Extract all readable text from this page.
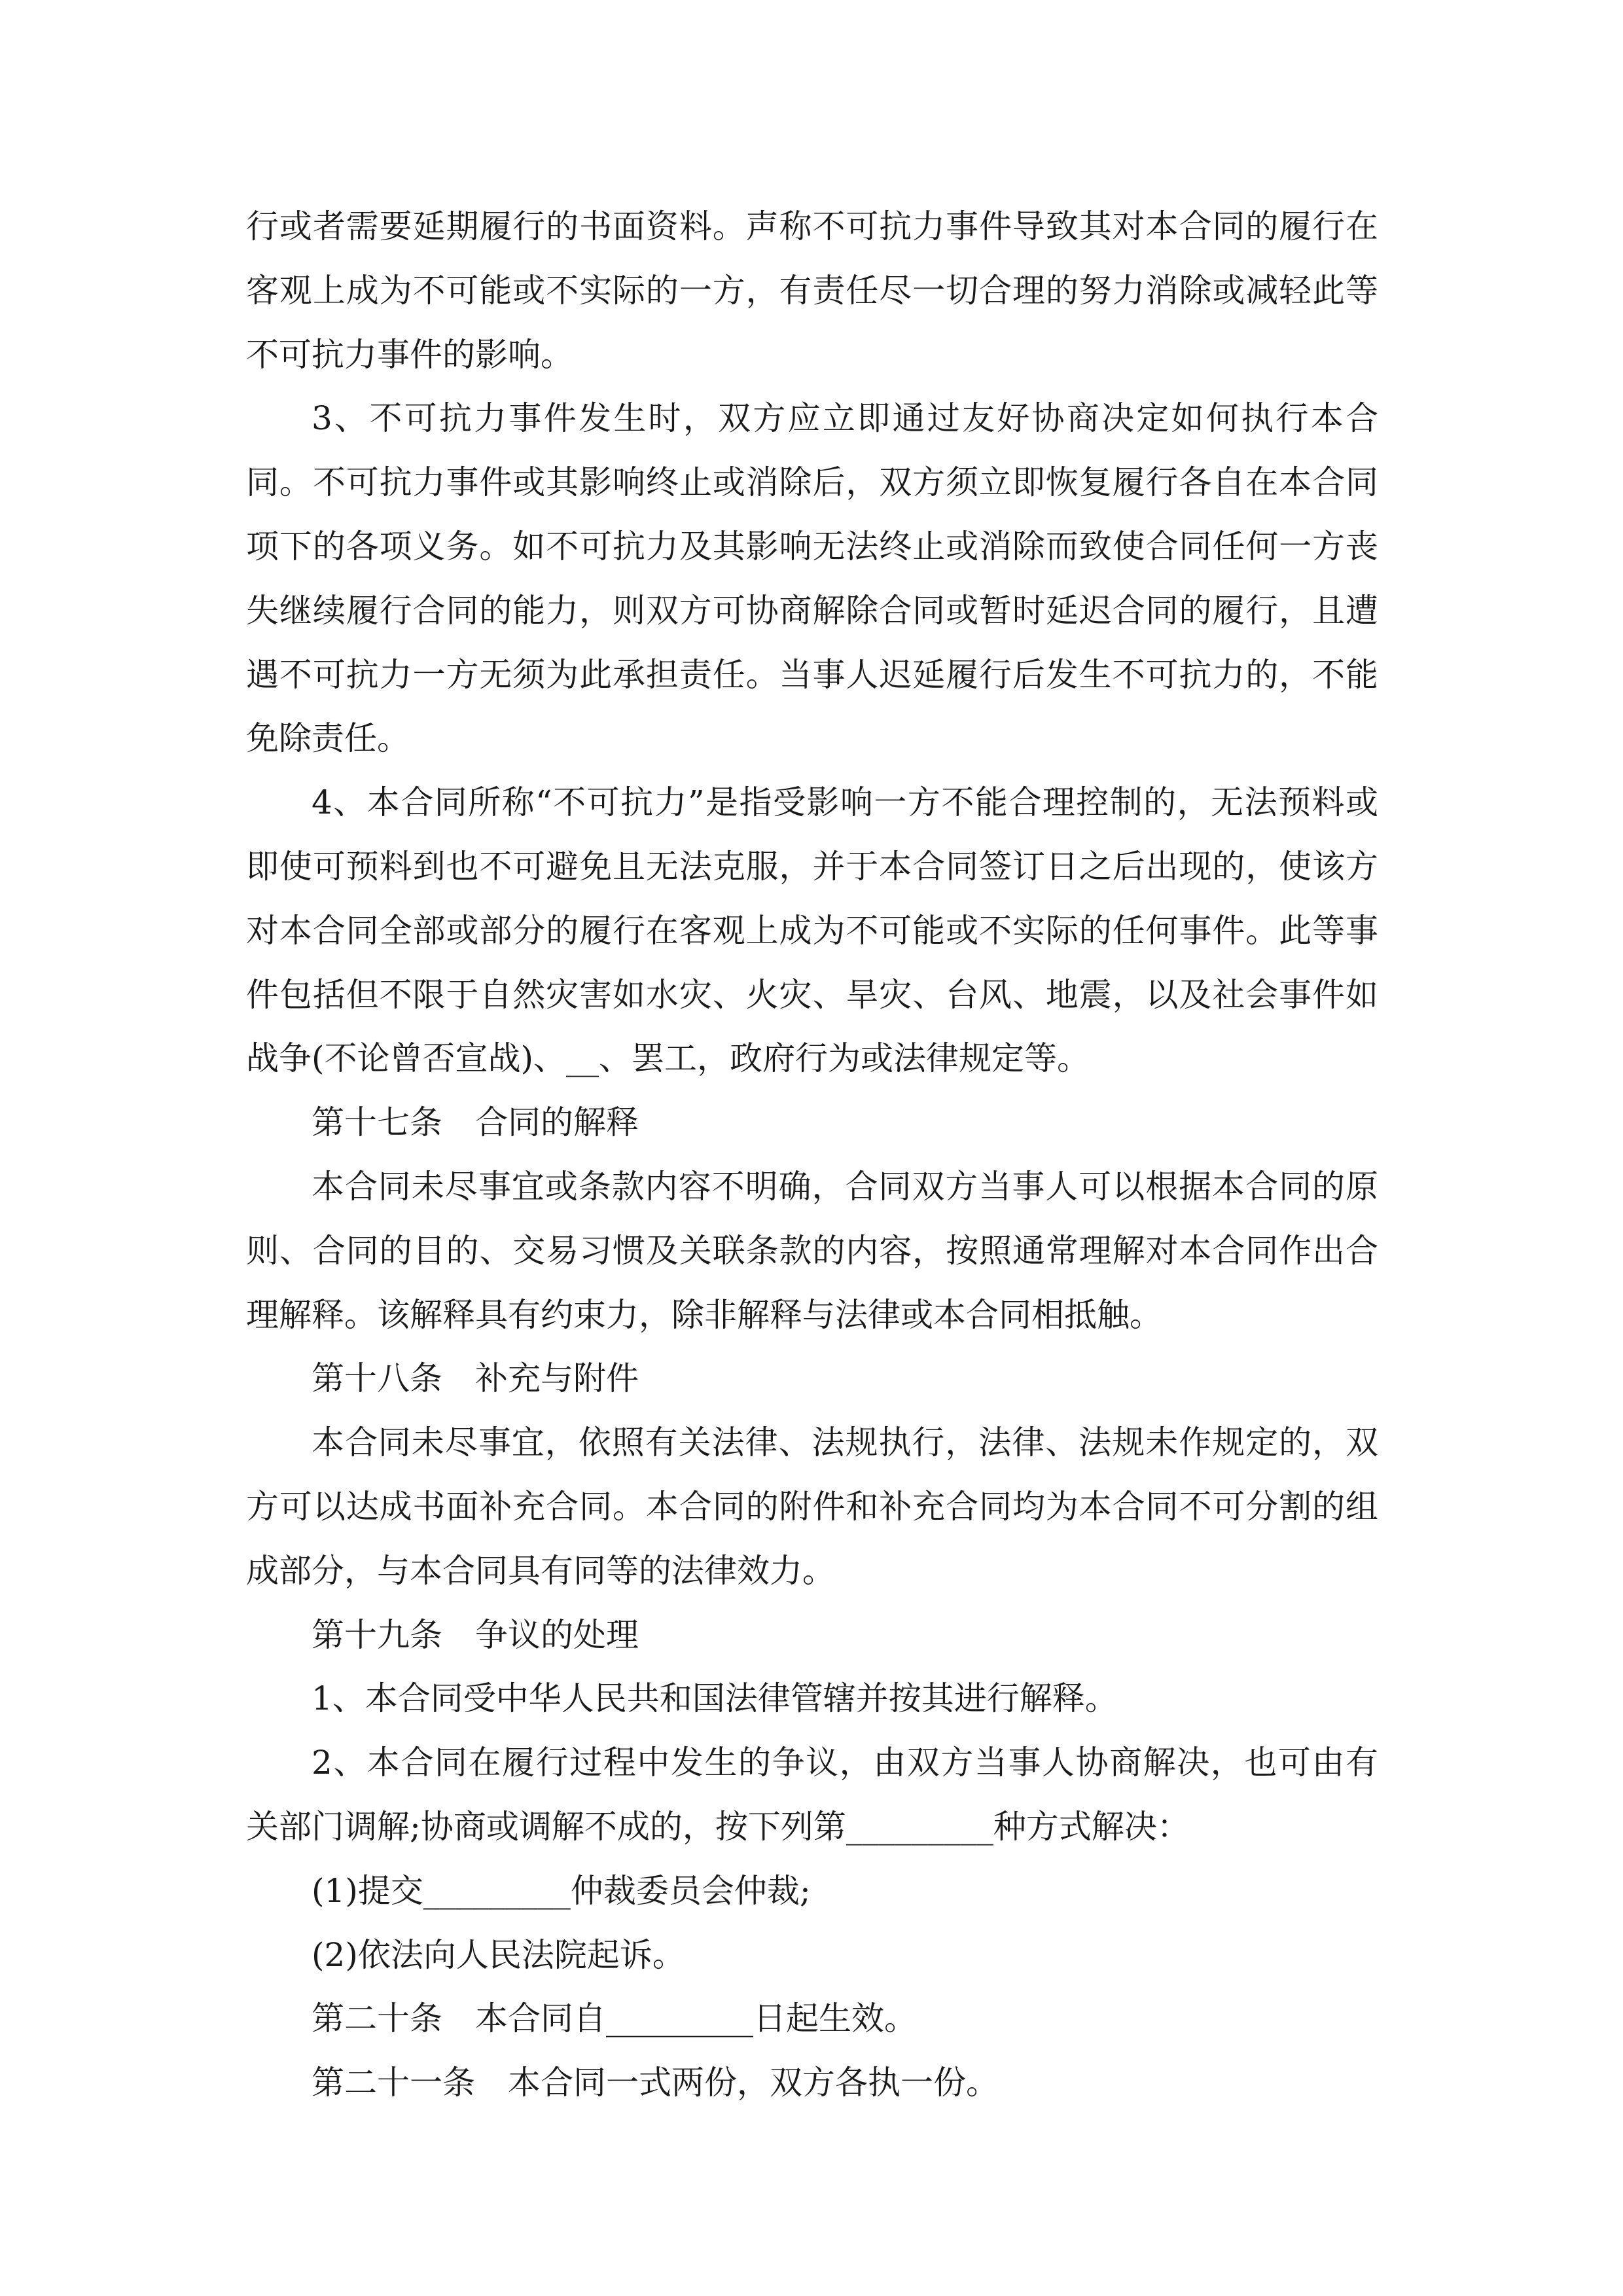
行或者需要延期履行的书面资料。声称不可抗力事件导致其对本合同的履行在客观上成为不可能或不实际的一方，有责任尽一切合理的努力消除或减轻此等不可抗力事件的影响。

3、不可抗力事件发生时，双方应立即通过友好协商决定如何执行本合同。不可抗力事件或其影响终止或消除后，双方须立即恢复履行各自在本合同项下的各项义务。如不可抗力及其影响无法终止或消除而致使合同任何一方丧失继续履行合同的能力，则双方可协商解除合同或暂时延迟合同的履行，且遭遇不可抗力一方无须为此承担责任。当事人迟延履行后发生不可抗力的，不能免除责任。

4、本合同所称“不可抗力”是指受影响一方不能合理控制的，无法预料或即使可预料到也不可避免且无法克服，并于本合同签订日之后出现的，使该方对本合同全部或部分的履行在客观上成为不可能或不实际的任何事件。此等事件包括但不限于自然灾害如水灾、火灾、旱灾、台风、地震，以及社会事件如战争(不论曾否宣战)、__、罢工，政府行为或法律规定等。

第十七条　合同的解释

本合同未尽事宜或条款内容不明确，合同双方当事人可以根据本合同的原则、合同的目的、交易习惯及关联条款的内容，按照通常理解对本合同作出合理解释。该解释具有约束力，除非解释与法律或本合同相抵触。

第十八条　补充与附件

本合同未尽事宜，依照有关法律、法规执行，法律、法规未作规定的，双方可以达成书面补充合同。本合同的附件和补充合同均为本合同不可分割的组成部分，与本合同具有同等的法律效力。

第十九条　争议的处理

1、本合同受中华人民共和国法律管辖并按其进行解释。

2、本合同在履行过程中发生的争议，由双方当事人协商解决，也可由有关部门调解;协商或调解不成的，按下列第_________种方式解决：

(1)提交_________仲裁委员会仲裁;

(2)依法向人民法院起诉。

第二十条　本合同自_________日起生效。

第二十一条　本合同一式两份，双方各执一份。
